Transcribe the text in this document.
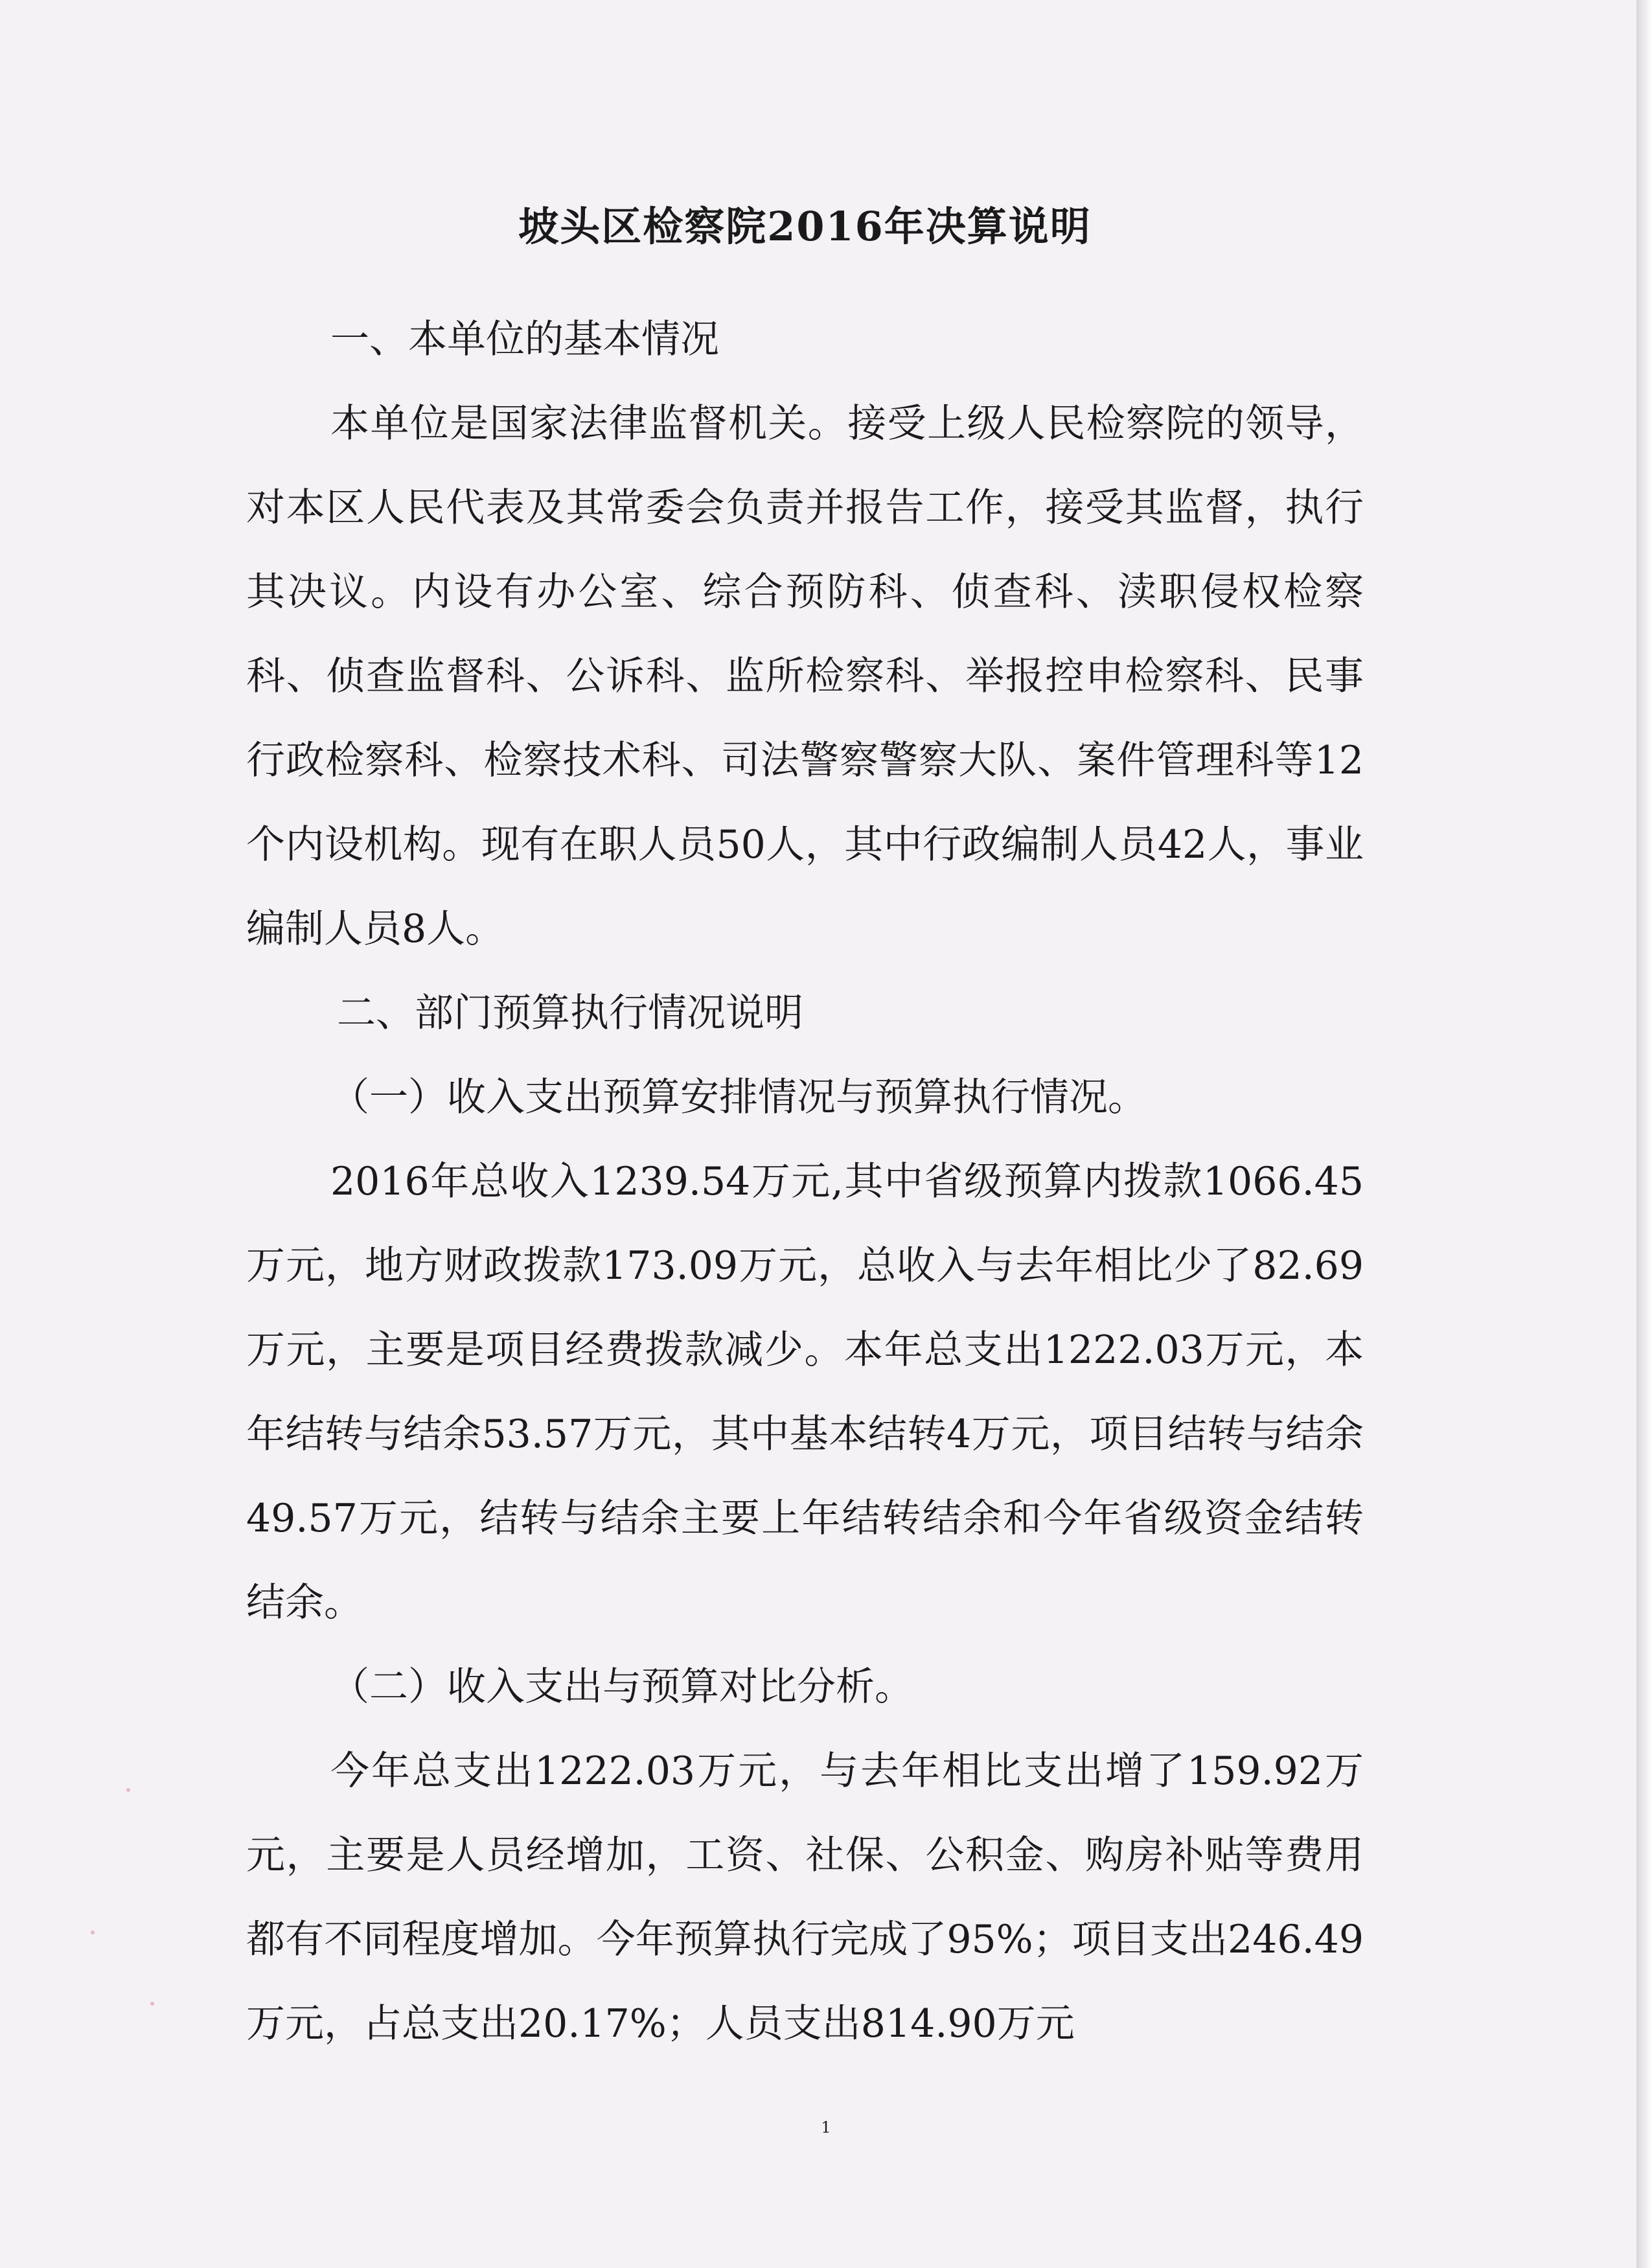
坡头区检察院2016年决算说明

一、本单位的基本情况

本单位是国家法律监督机关。接受上级人民检察院的领导，对本区人民代表及其常委会负责并报告工作，接受其监督，执行其决议。内设有办公室、综合预防科、侦查科、渎职侵权检察科、侦查监督科、公诉科、监所检察科、举报控申检察科、民事行政检察科、检察技术科、司法警察警察大队、案件管理科等12个内设机构。现有在职人员50人，其中行政编制人员42人，事业编制人员8人。

二、部门预算执行情况说明

（一）收入支出预算安排情况与预算执行情况。

2016年总收入1239.54万元,其中省级预算内拨款1066.45万元，地方财政拨款173.09万元，总收入与去年相比少了82.69万元，主要是项目经费拨款减少。本年总支出1222.03万元，本年结转与结余53.57万元，其中基本结转4万元，项目结转与结余49.57万元，结转与结余主要上年结转结余和今年省级资金结转结余。

（二）收入支出与预算对比分析。

今年总支出1222.03万元，与去年相比支出增了159.92万元，主要是人员经增加，工资、社保、公积金、购房补贴等费用都有不同程度增加。今年预算执行完成了95%；项目支出246.49万元，占总支出20.17%；人员支出814.90万元

1
